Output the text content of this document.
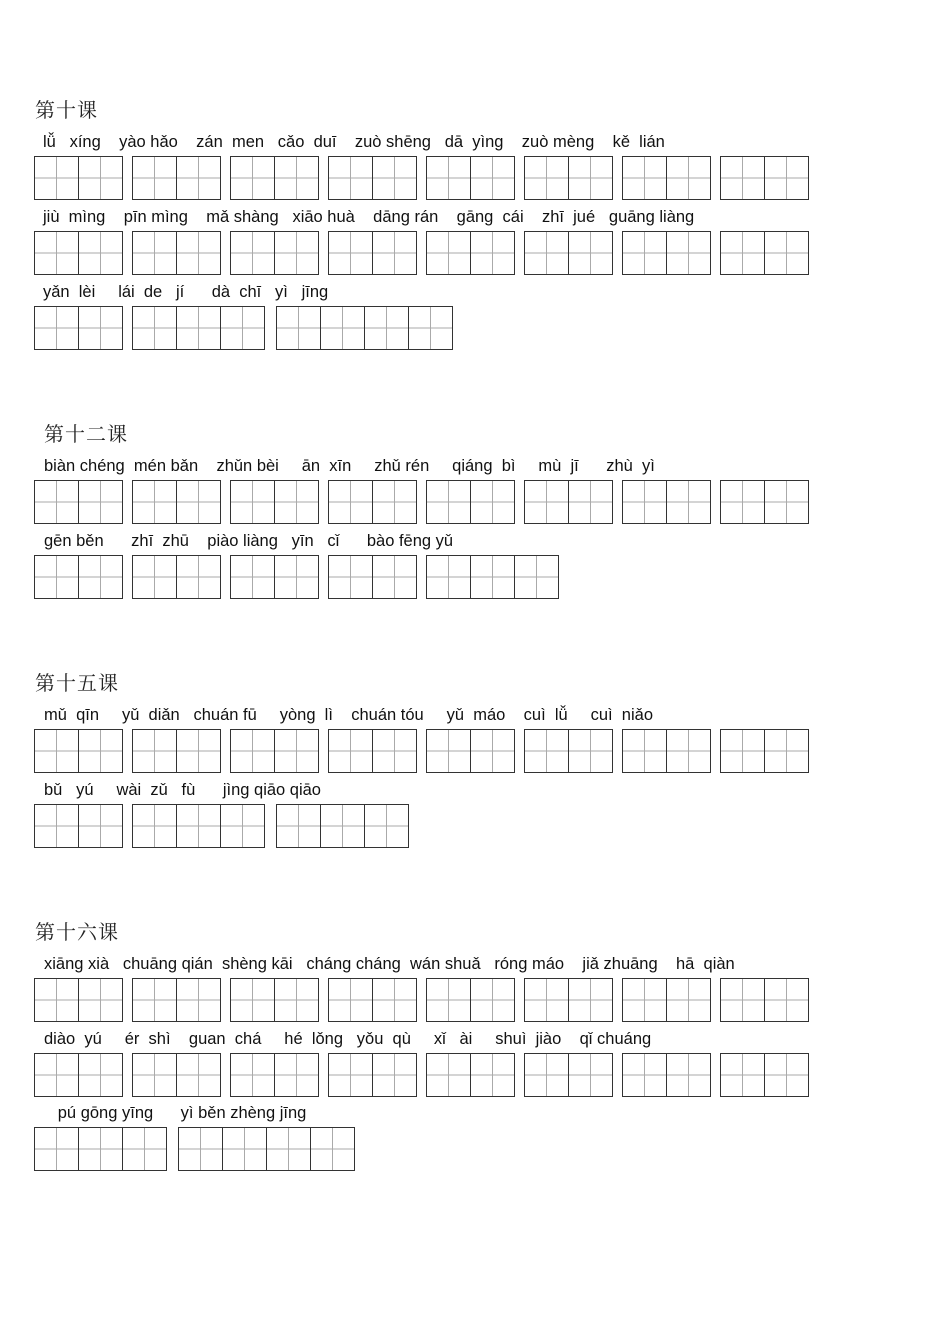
第十课
lǚ   xíng    yào hǎo    zán  men   cǎo  duī    zuò shēng   dā  yìng    zuò mèng    kě  lián
jiù  mìng    pīn mìng    mǎ shàng   xiāo huà    dāng rán    gāng  cái    zhī  jué   guāng liàng
yǎn  lèi     lái  de   jí      dà  chī   yì   jīng
第十二课
biàn chéng  mén bǎn    zhǔn bèi     ān  xīn     zhǔ rén     qiáng  bì     mù  jī      zhù  yì
gēn běn      zhī  zhū    piào liàng   yīn   cǐ      bào fēng yǔ
第十五课
mǔ  qīn     yǔ  diǎn   chuán fū     yòng  lì    chuán tóu     yǔ  máo    cuì  lǚ     cuì  niǎo
bǔ   yú     wài  zǔ   fù      jìng qiāo qiāo
第十六课
xiāng xià   chuāng qián  shèng kāi   cháng cháng  wán shuǎ   róng máo    jiǎ zhuāng    hā  qiàn
diào  yú     ér  shì    guan  chá     hé  lǒng   yǒu  qù     xǐ   ài     shuì  jiào    qǐ chuáng
pú gōng yīng      yì běn zhèng jīng
